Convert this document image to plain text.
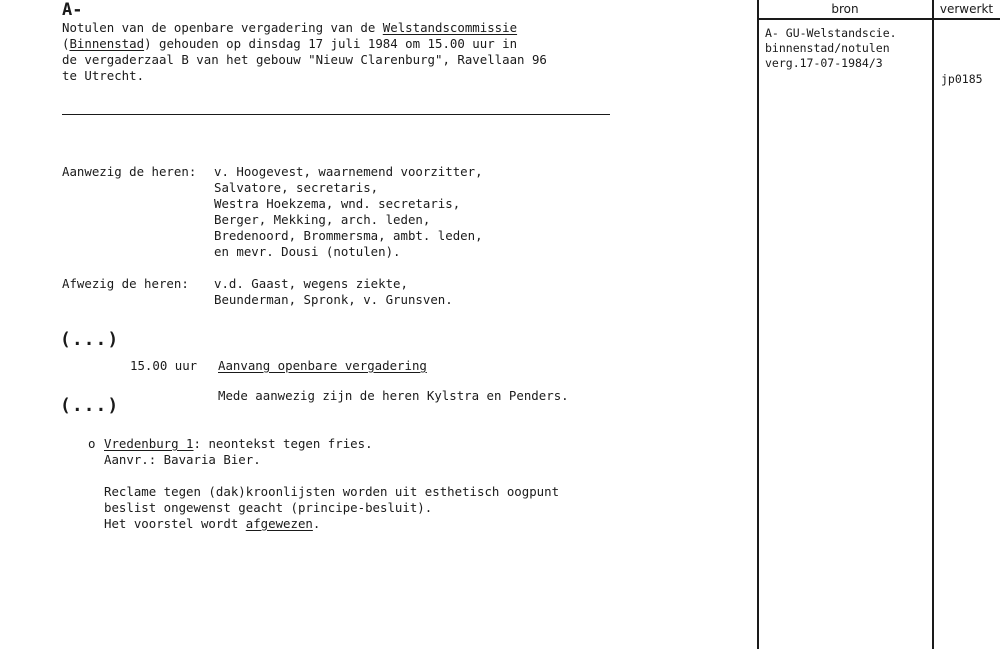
A-
Notulen van de openbare vergadering van de Welstandscommissie
(Binnenstad) gehouden op dinsdag 17 juli 1984 om 15.00 uur in
de vergaderzaal B van het gebouw "Nieuw Clarenburg", Ravellaan 96
te Utrecht.
Aanwezig de heren: v. Hoogevest, waarnemend voorzitter,
Salvatore, secretaris,
Westra Hoekzema, wnd. secretaris,
Berger, Mekking, arch. leden,
Bredenoord, Brommersma, ambt. leden,
en mevr. Dousi (notulen).
Afwezig de heren: v.d. Gaast, wegens ziekte,
Beunderman, Spronk, v. Grunsven.
(...)
15.00 uur Aanvang openbare vergadering
Mede aanwezig zijn de heren Kylstra en Penders.
(...)
o Vredenburg 1: neontekst tegen fries.
Aanvr.: Bavaria Bier.
Reclame tegen (dak)kroonlijsten worden uit esthetisch oogpunt
beslist ongewenst geacht (principe-besluit).
Het voorstel wordt afgewezen.
bron	verwerkt
A- GU-Welstandscie.
binnenstad/notulen
verg.17-07-1984/3
jp0185
